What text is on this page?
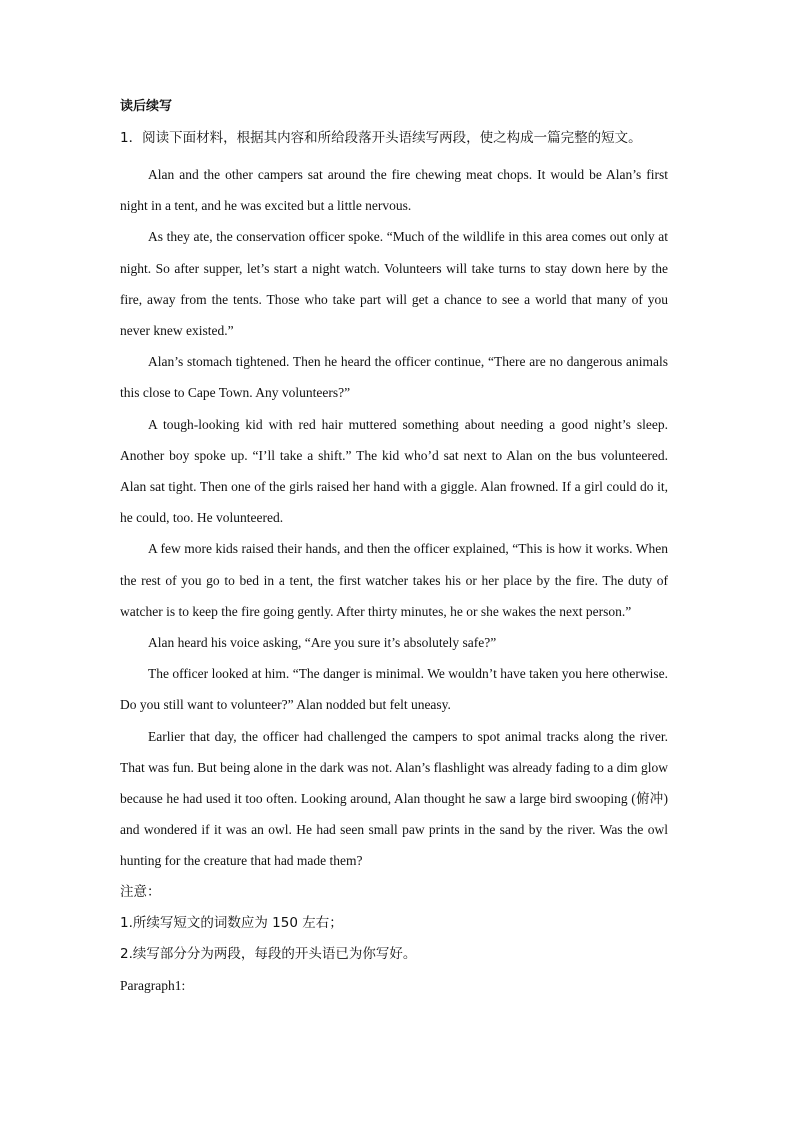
读后续写
1．阅读下面材料，根据其内容和所给段落开头语续写两段，使之构成一篇完整的短文。

Alan and the other campers sat around the fire chewing meat chops. It would be Alan’s first night in a tent, and he was excited but a little nervous.

As they ate, the conservation officer spoke. “Much of the wildlife in this area comes out only at night. So after supper, let’s start a night watch. Volunteers will take turns to stay down here by the fire, away from the tents. Those who take part will get a chance to see a world that many of you never knew existed.”

Alan’s stomach tightened. Then he heard the officer continue, “There are no dangerous animals this close to Cape Town. Any volunteers?”

A tough-looking kid with red hair muttered something about needing a good night’s sleep. Another boy spoke up. “I’ll take a shift.” The kid who’d sat next to Alan on the bus volunteered. Alan sat tight. Then one of the girls raised her hand with a giggle. Alan frowned. If a girl could do it, he could, too. He volunteered.

A few more kids raised their hands, and then the officer explained, “This is how it works. When the rest of you go to bed in a tent, the first watcher takes his or her place by the fire. The duty of watcher is to keep the fire going gently. After thirty minutes, he or she wakes the next person.”

Alan heard his voice asking, “Are you sure it’s absolutely safe?”

The officer looked at him. “The danger is minimal. We wouldn’t have taken you here otherwise. Do you still want to volunteer?” Alan nodded but felt uneasy.

Earlier that day, the officer had challenged the campers to spot animal tracks along the river. That was fun. But being alone in the dark was not. Alan’s flashlight was already fading to a dim glow because he had used it too often. Looking around, Alan thought he saw a large bird swooping (俯冲) and wondered if it was an owl. He had seen small paw prints in the sand by the river. Was the owl hunting for the creature that had made them?

注意：

1.所续写短文的词数应为 150 左右；

2.续写部分分为两段，每段的开头语已为你写好。

Paragraph1:
